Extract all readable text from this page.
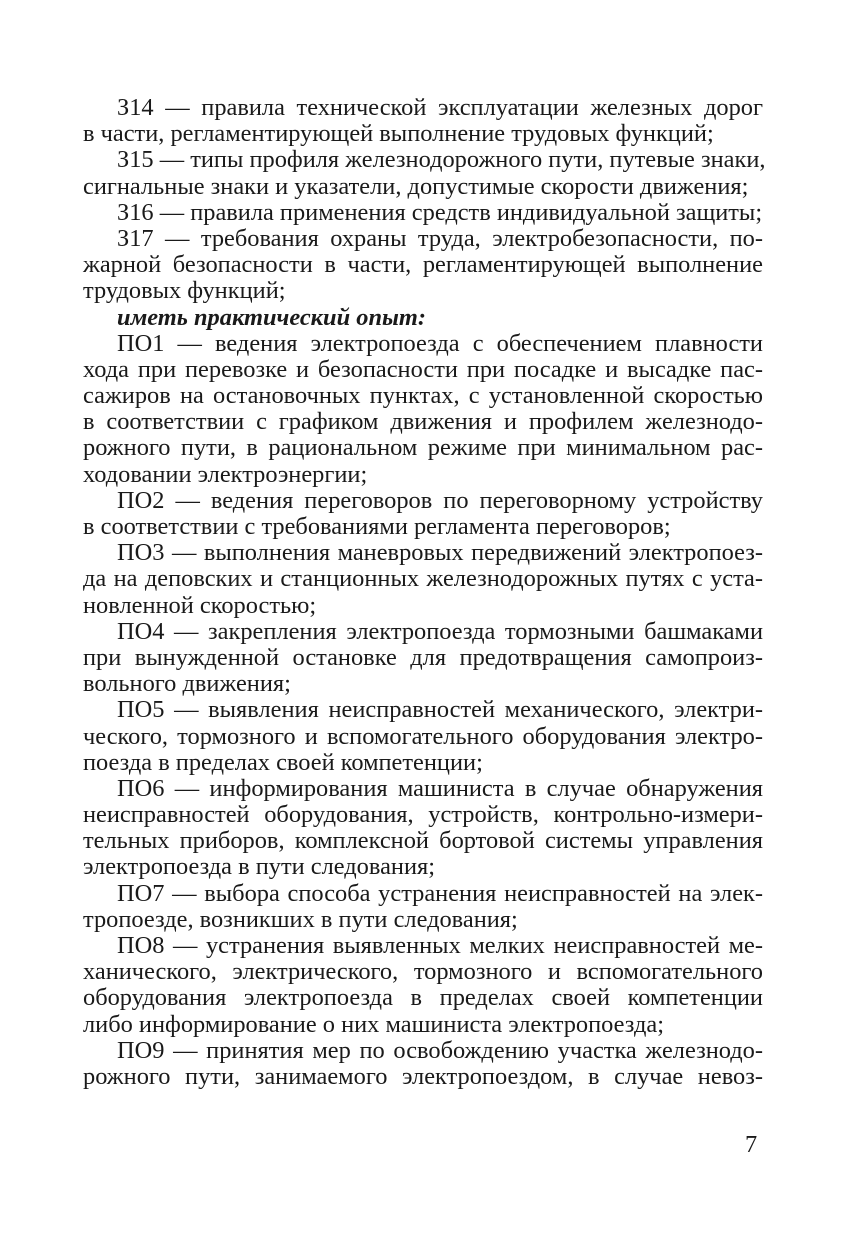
З14 — правила технической эксплуатации железных дорог
в части, регламентирующей выполнение трудовых функций;
З15 — типы профиля железнодорожного пути, путевые знаки,
сигнальные знаки и указатели, допустимые скорости движения;
З16 — правила применения средств индивидуальной защиты;
З17 — требования охраны труда, электробезопасности, по-
жарной безопасности в части, регламентирующей выполнение
трудовых функций;
иметь практический опыт:
ПО1 — ведения электропоезда с обеспечением плавности
хода при перевозке и безопасности при посадке и высадке пас-
сажиров на остановочных пунктах, с установленной скоростью
в соответствии с графиком движения и профилем железнодо-
рожного пути, в рациональном режиме при минимальном рас-
ходовании электроэнергии;
ПО2 — ведения переговоров по переговорному устройству
в соответствии с требованиями регламента переговоров;
ПО3 — выполнения маневровых передвижений электропоез-
да на деповских и станционных железнодорожных путях с уста-
новленной скоростью;
ПО4 — закрепления электропоезда тормозными башмаками
при вынужденной остановке для предотвращения самопроиз-
вольного движения;
ПО5 — выявления неисправностей механического, электри-
ческого, тормозного и вспомогательного оборудования электро-
поезда в пределах своей компетенции;
ПО6 — информирования машиниста в случае обнаружения
неисправностей оборудования, устройств, контрольно-измери-
тельных приборов, комплексной бортовой системы управления
электропоезда в пути следования;
ПО7 — выбора способа устранения неисправностей на элек-
тропоезде, возникших в пути следования;
ПО8 — устранения выявленных мелких неисправностей ме-
ханического, электрического, тормозного и вспомогательного
оборудования электропоезда в пределах своей компетенции
либо информирование о них машиниста электропоезда;
ПО9 — принятия мер по освобождению участка железнодо-
рожного пути, занимаемого электропоездом, в случае невоз-
7
